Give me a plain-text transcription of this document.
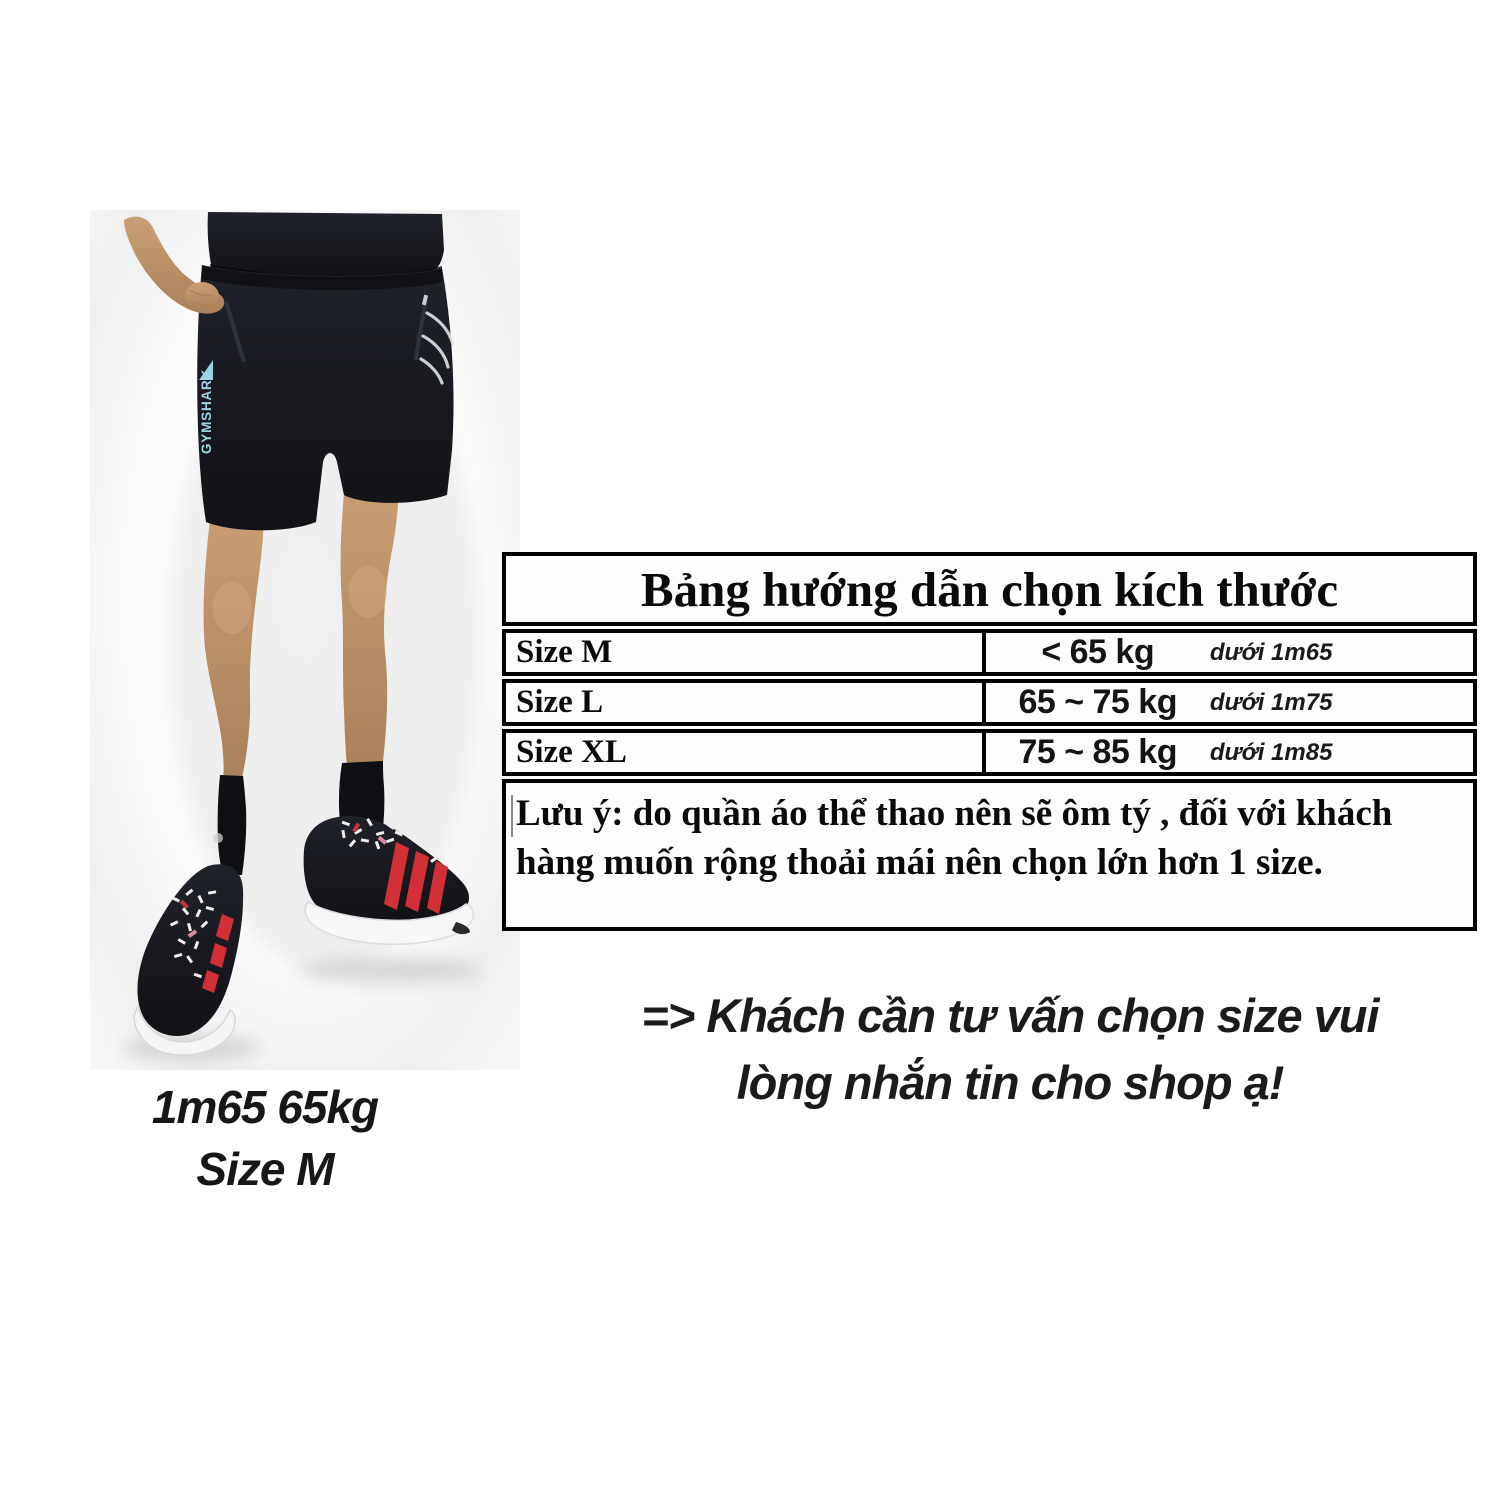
GYMSHARK
1m65 65kg
Size M
Bảng hướng dẫn chọn kích thước
Size M	< 65 kg	dưới 1m65
Size L	65 ~ 75 kg	dưới 1m75
Size XL	75 ~ 85 kg	dưới 1m85
Lưu ý: do quần áo thể thao nên sẽ ôm tý , đối với khách hàng muốn rộng thoải mái nên chọn lớn hơn 1 size.
=> Khách cần tư vấn chọn size vui
lòng nhắn tin cho shop ạ!
